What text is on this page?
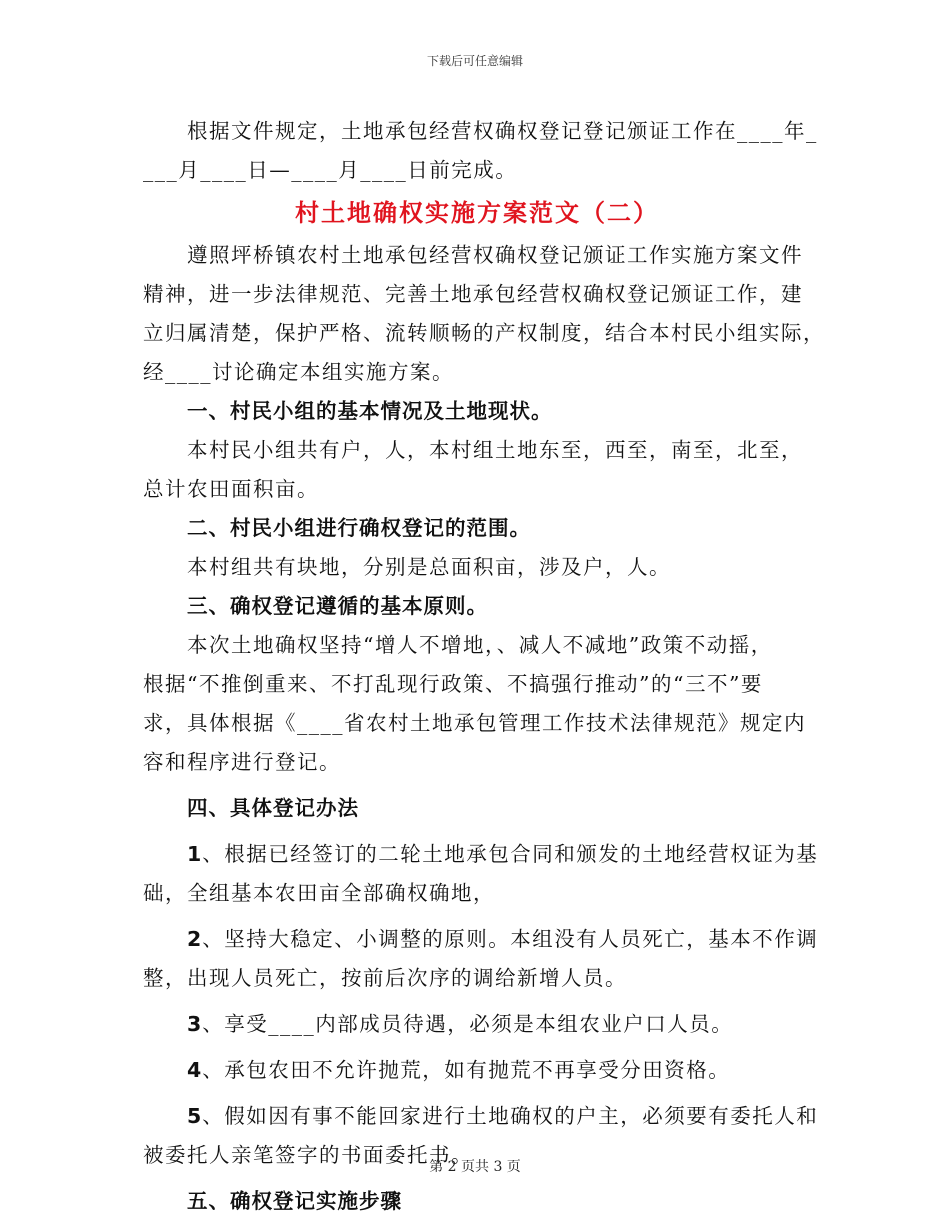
下载后可任意编辑
根据文件规定，土地承包经营权确权登记登记颁证工作在____年_
___月____日—____月____日前完成。
村土地确权实施方案范文（二）
遵照坪桥镇农村土地承包经营权确权登记颁证工作实施方案文件
精神，进一步法律规范、完善土地承包经营权确权登记颁证工作，建
立归属清楚，保护严格、流转顺畅的产权制度，结合本村民小组实际，
经____讨论确定本组实施方案。
一、村民小组的基本情况及土地现状。
本村民小组共有户，人，本村组土地东至，西至，南至，北至，
总计农田面积亩。
二、村民小组进行确权登记的范围。
本村组共有块地，分别是总面积亩，涉及户，人。
三、确权登记遵循的基本原则。
本次土地确权坚持“增人不增地，、减人不减地”政策不动摇，
根据“不推倒重来、不打乱现行政策、不搞强行推动”的“三不”要
求，具体根据《____省农村土地承包管理工作技术法律规范》规定内
容和程序进行登记。
四、具体登记办法
1、根据已经签订的二轮土地承包合同和颁发的土地经营权证为基
础，全组基本农田亩全部确权确地，
2、坚持大稳定、小调整的原则。本组没有人员死亡，基本不作调
整，出现人员死亡，按前后次序的调给新增人员。
3、享受____内部成员待遇，必须是本组农业户口人员。
4、承包农田不允许抛荒，如有抛荒不再享受分田资格。
5、假如因有事不能回家进行土地确权的户主，必须要有委托人和
被委托人亲笔签字的书面委托书。
五、确权登记实施步骤
第 2 页共 3 页
